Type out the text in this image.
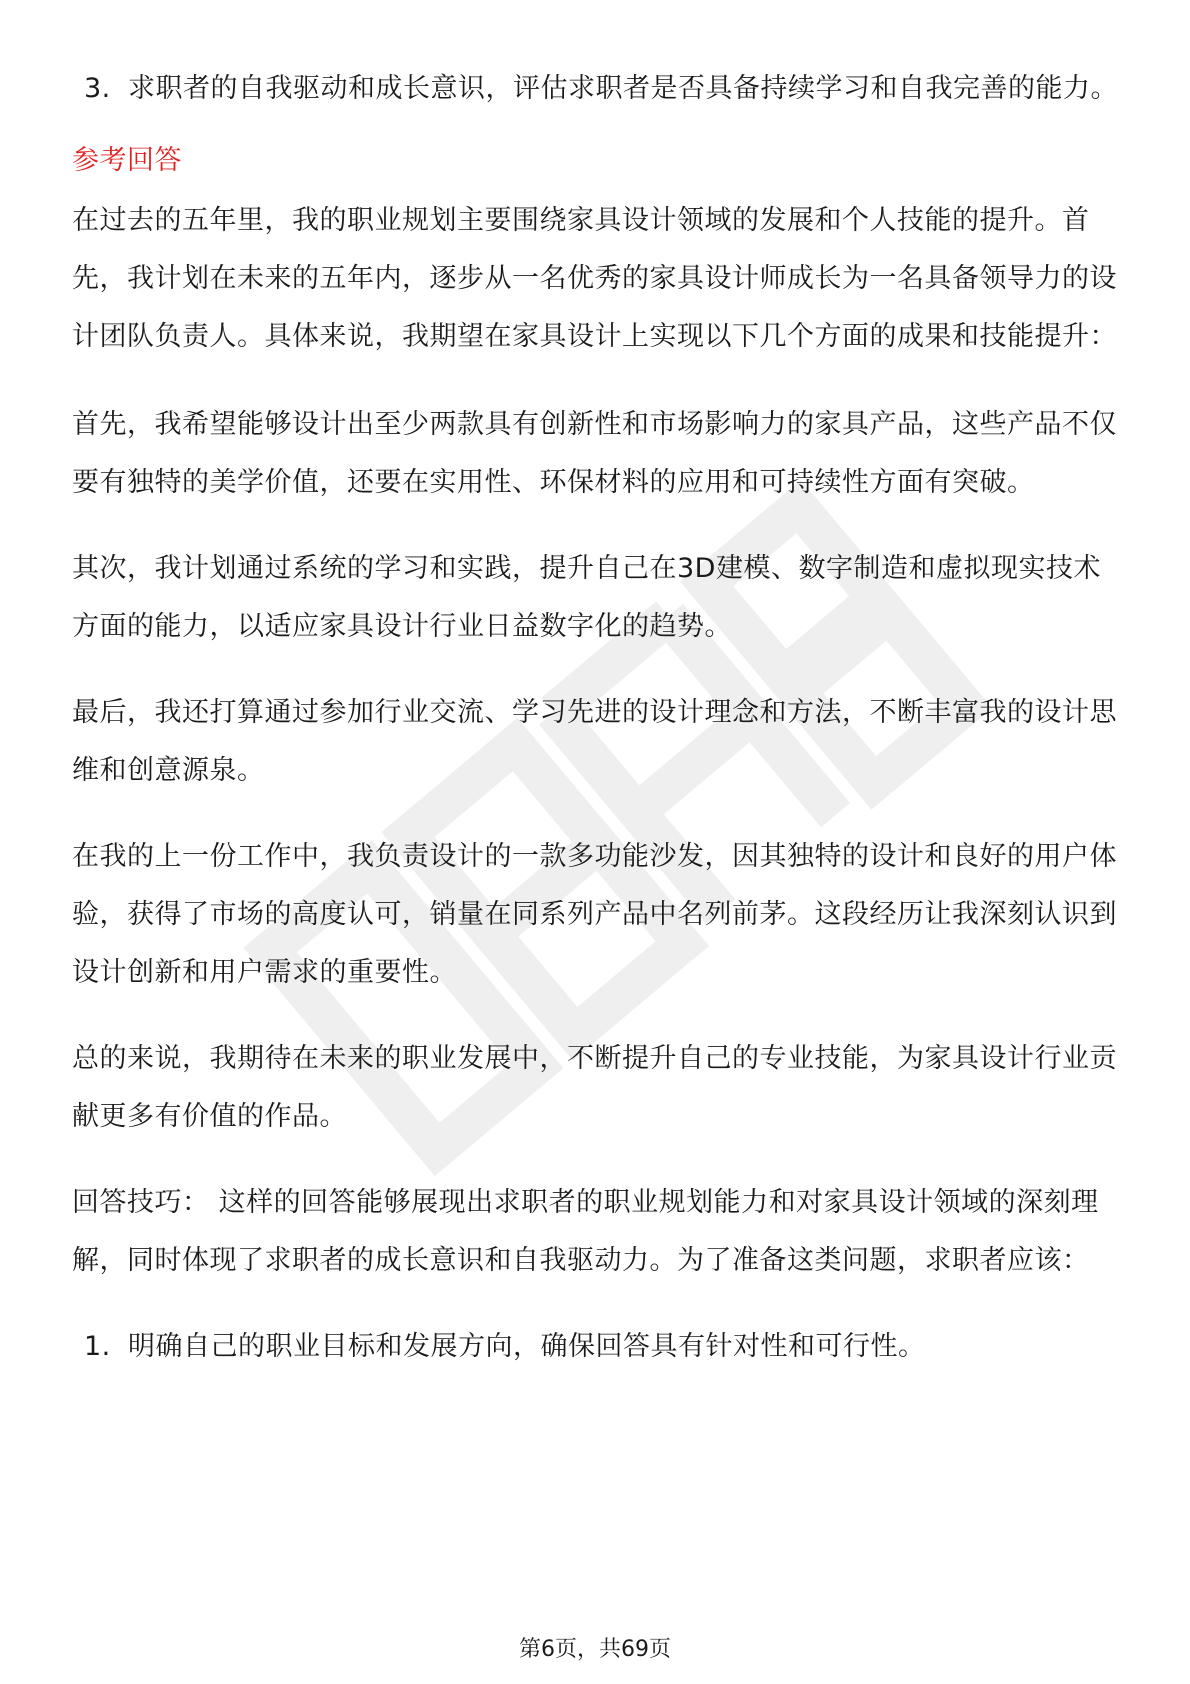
3. 求职者的自我驱动和成长意识，评估求职者是否具备持续学习和自我完善的能力。
参考回答

在过去的五年里，我的职业规划主要围绕家具设计领域的发展和个人技能的提升。首先，我计划在未来的五年内，逐步从一名优秀的家具设计师成长为一名具备领导力的设计团队负责人。具体来说，我期望在家具设计上实现以下几个方面的成果和技能提升：

首先，我希望能够设计出至少两款具有创新性和市场影响力的家具产品，这些产品不仅要有独特的美学价值，还要在实用性、环保材料的应用和可持续性方面有突破。

其次，我计划通过系统的学习和实践，提升自己在3D建模、数字制造和虚拟现实技术方面的能力，以适应家具设计行业日益数字化的趋势。

最后，我还打算通过参加行业交流、学习先进的设计理念和方法，不断丰富我的设计思维和创意源泉。

在我的上一份工作中，我负责设计的一款多功能沙发，因其独特的设计和良好的用户体验，获得了市场的高度认可，销量在同系列产品中名列前茅。这段经历让我深刻认识到设计创新和用户需求的重要性。

总的来说，我期待在未来的职业发展中，不断提升自己的专业技能，为家具设计行业贡献更多有价值的作品。

回答技巧： 这样的回答能够展现出求职者的职业规划能力和对家具设计领域的深刻理解，同时体现了求职者的成长意识和自我驱动力。为了准备这类问题，求职者应该：

1. 明确自己的职业目标和发展方向，确保回答具有针对性和可行性。
第6页，共69页
